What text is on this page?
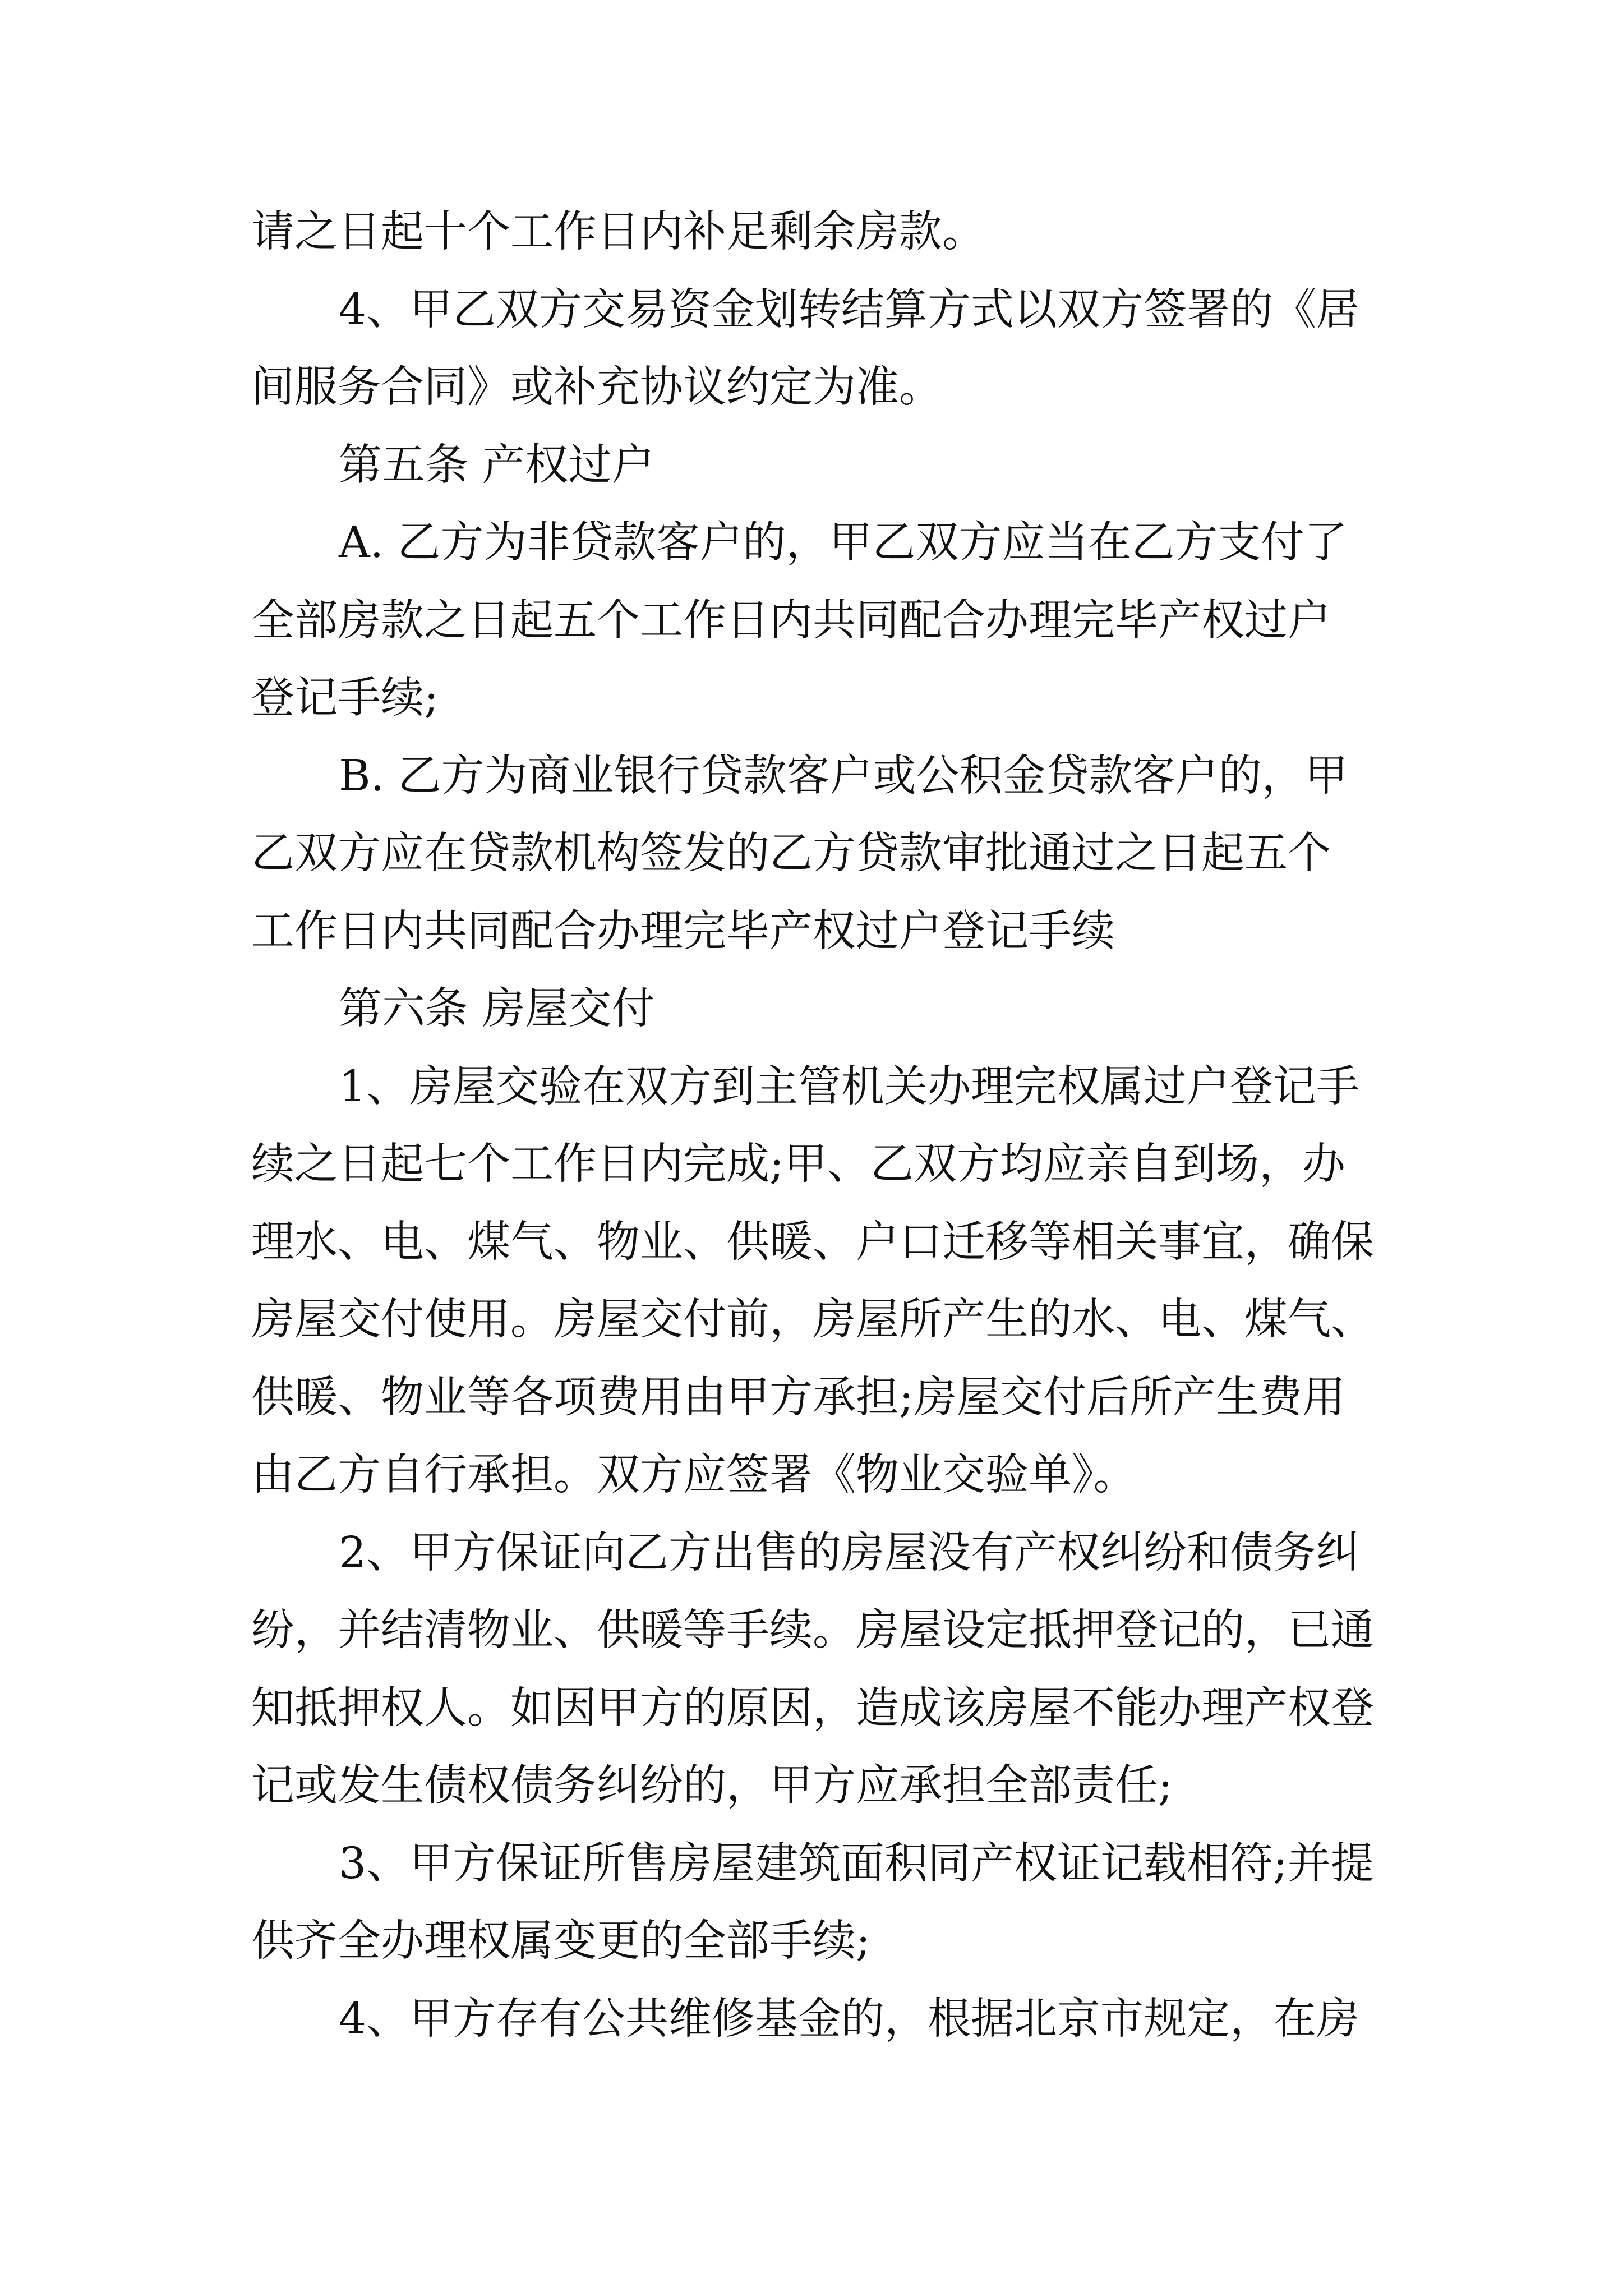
请之日起十个工作日内补足剩余房款。
4、甲乙双方交易资金划转结算方式以双方签署的《居
间服务合同》或补充协议约定为准。
第五条 产权过户
A. 乙方为非贷款客户的，甲乙双方应当在乙方支付了
全部房款之日起五个工作日内共同配合办理完毕产权过户
登记手续;
B. 乙方为商业银行贷款客户或公积金贷款客户的，甲
乙双方应在贷款机构签发的乙方贷款审批通过之日起五个
工作日内共同配合办理完毕产权过户登记手续
第六条 房屋交付
1、房屋交验在双方到主管机关办理完权属过户登记手
续之日起七个工作日内完成;甲、乙双方均应亲自到场，办
理水、电、煤气、物业、供暖、户口迁移等相关事宜，确保
房屋交付使用。房屋交付前，房屋所产生的水、电、煤气、
供暖、物业等各项费用由甲方承担;房屋交付后所产生费用
由乙方自行承担。双方应签署《物业交验单》。
2、甲方保证向乙方出售的房屋没有产权纠纷和债务纠
纷，并结清物业、供暖等手续。房屋设定抵押登记的，已通
知抵押权人。如因甲方的原因，造成该房屋不能办理产权登
记或发生债权债务纠纷的，甲方应承担全部责任;
3、甲方保证所售房屋建筑面积同产权证记载相符;并提
供齐全办理权属变更的全部手续;
4、甲方存有公共维修基金的，根据北京市规定，在房
